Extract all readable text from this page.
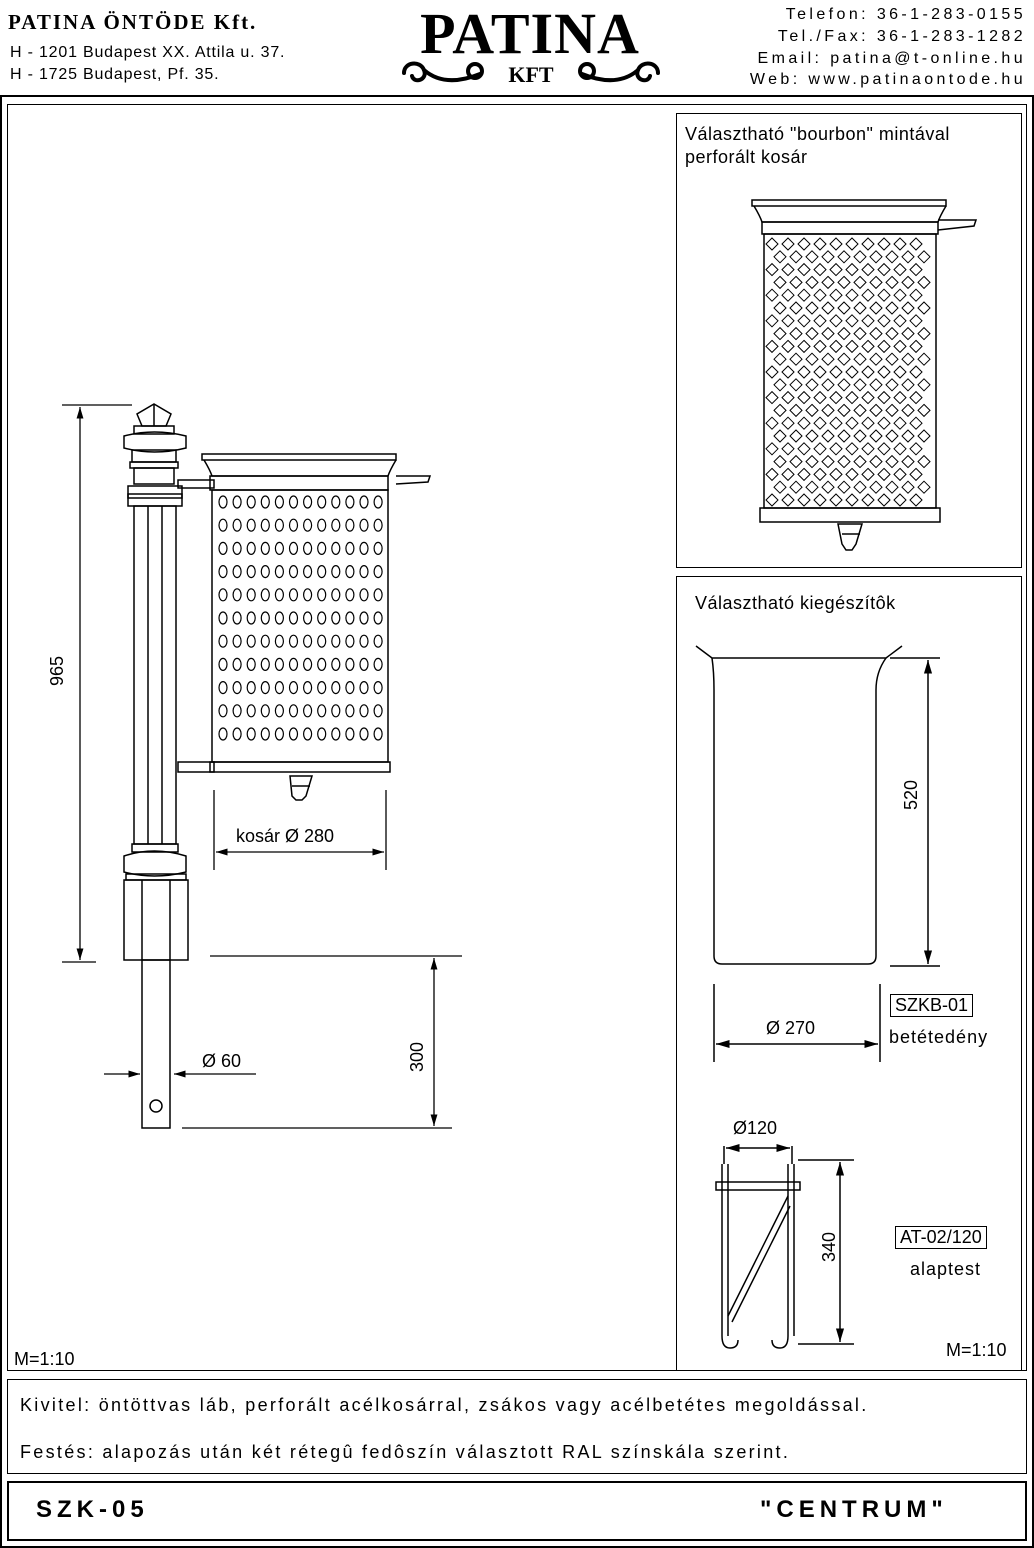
PATINA ÖNTÖDE Kft.
H - 1201 Budapest XX. Attila u. 37.
H - 1725 Budapest, Pf. 35.
PATINA
KFT
Telefon: 36-1-283-0155
Tel./Fax: 36-1-283-1282
Email: patina@t-online.hu
Web: www.patinaontode.hu
965
kosár Ø 280
Ø 60	300
M=1:10
Választható "bourbon" mintával
perforált kosár
Választható kiegészítôk
520
Ø 270
SZKB-01
betétedény
Ø120
340	AT-02/120
alaptest
M=1:10
Kivitel: öntöttvas láb, perforált acélkosárral, zsákos vagy acélbetétes megoldással.
Festés: alapozás után két rétegû fedôszín választott RAL színskála szerint.
SZK-05	"CENTRUM"
